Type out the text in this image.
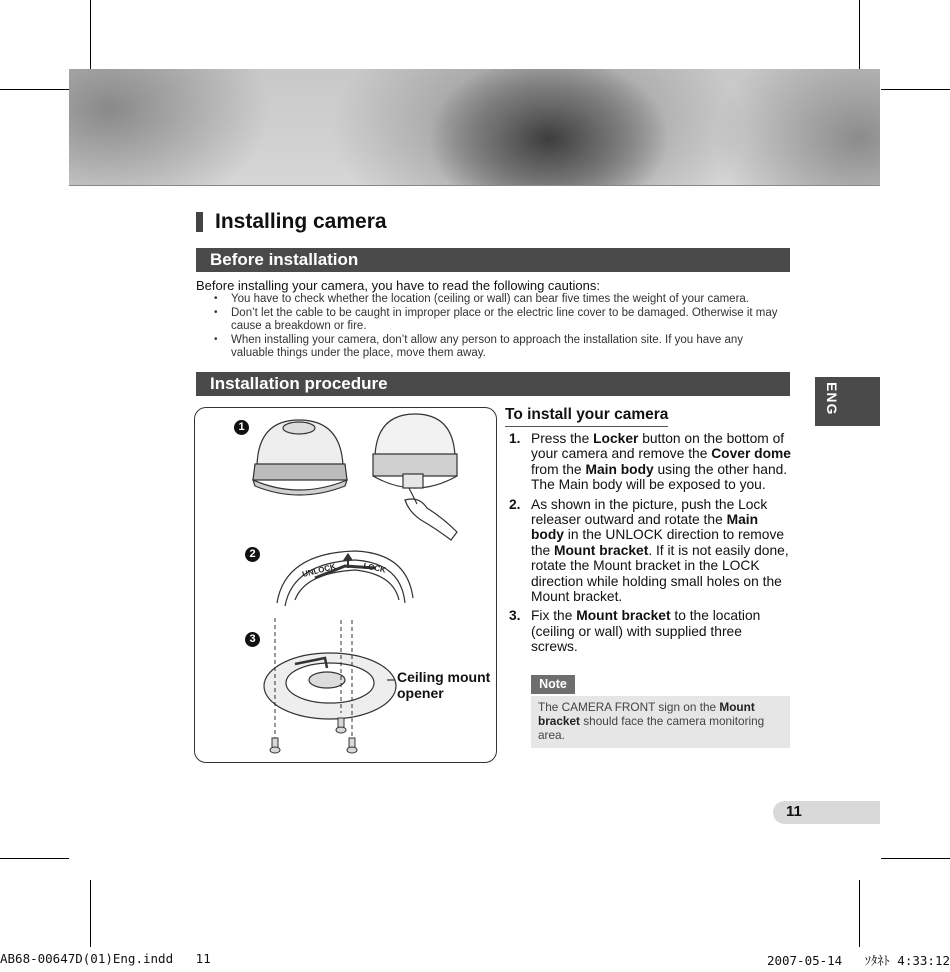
Installing camera
Before installation
Before installing your camera, you have to read the following cautions:
• You have to check whether the location (ceiling or wall) can bear five times the weight of your camera.
• Don’t let the cable to be caught in improper place or the electric line cover to be damaged. Otherwise it may cause a breakdown or fire.
• When installing your camera, don’t allow any person to approach the installation site. If you have any valuable things under the place, move them away.
Installation procedure
UNLOCK	LOCK
1
2
3
Ceiling mount
opener
To install your camera
1. Press the Locker button on the bottom of your camera and remove the Cover dome from the Main body using the other hand. The Main body will be exposed to you.
2. As shown in the picture, push the Lock releaser outward and rotate the Main body in the UNLOCK direction to remove the Mount bracket. If it is not easily done, rotate the Mount bracket in the LOCK direction while holding small holes on the Mount bracket.
3. Fix the Mount bracket to the location (ceiling or wall) with supplied three screws.
Note
The CAMERA FRONT sign on the Mount bracket should face the camera monitoring area.
ENG
11
AB68-00647D(01)Eng.indd   11	2007-05-14   ｿﾀﾈﾄ 4:33:12
